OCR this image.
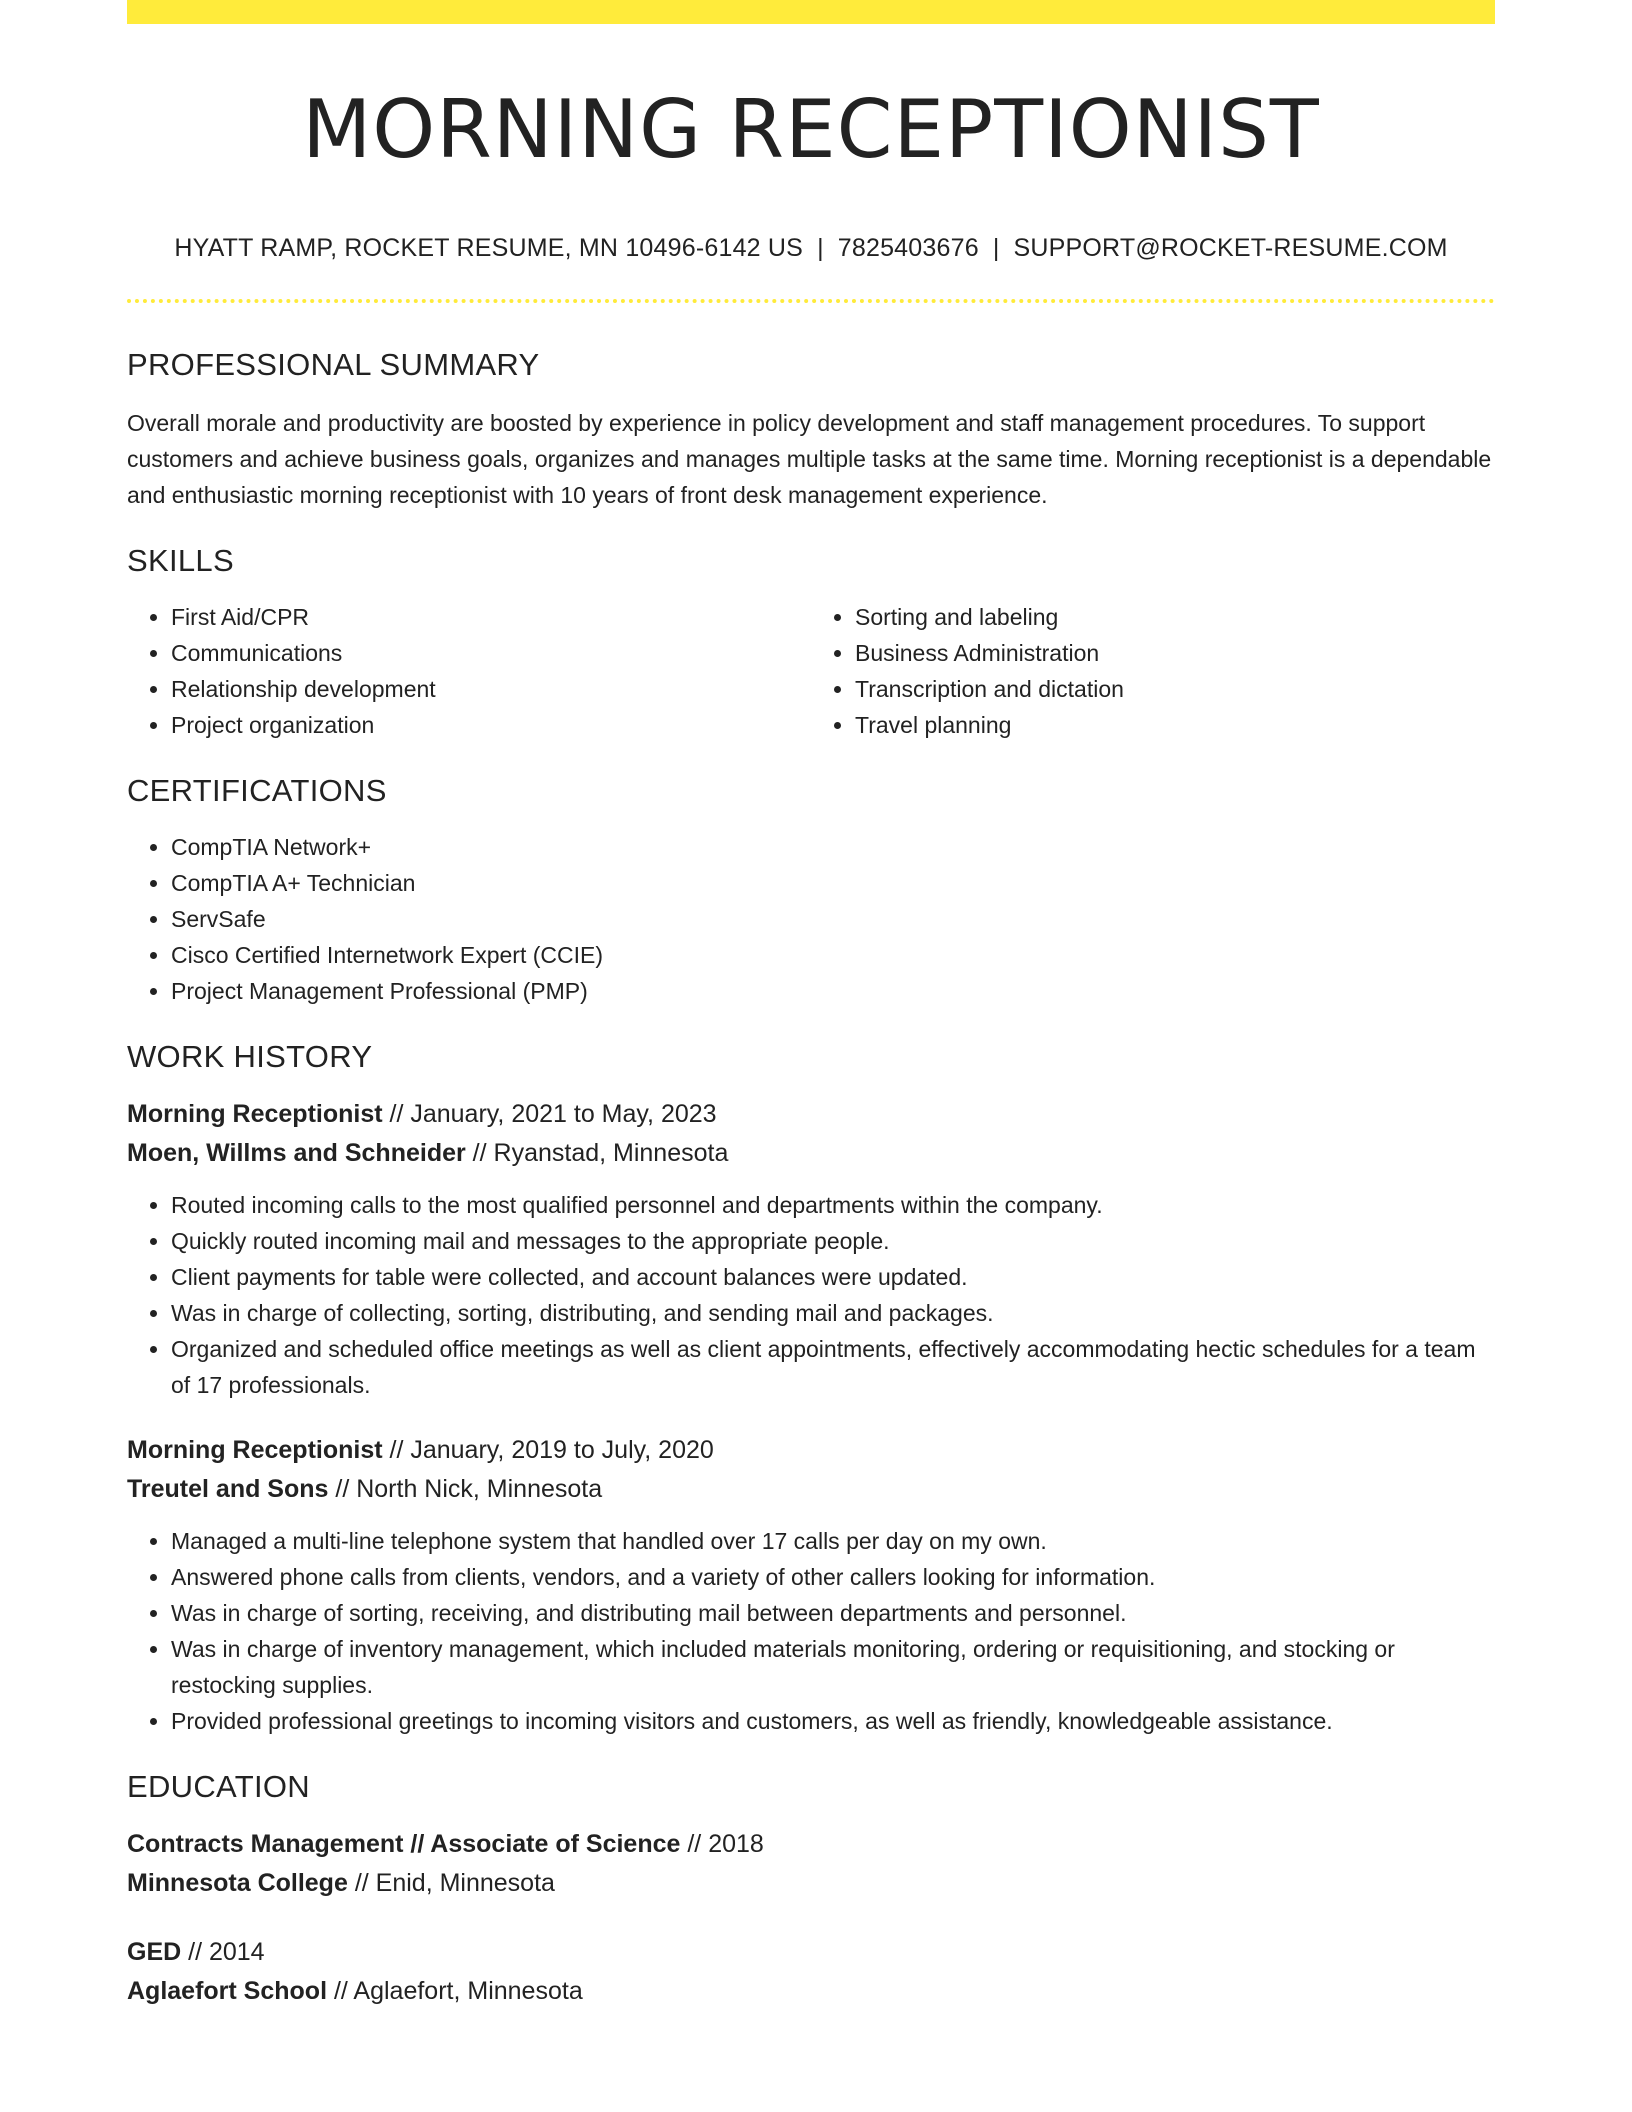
MORNING RECEPTIONIST
HYATT RAMP, ROCKET RESUME, MN 10496-6142 US | 7825403676 | SUPPORT@ROCKET-RESUME.COM
PROFESSIONAL SUMMARY

Overall morale and productivity are boosted by experience in policy development and staff management procedures. To support customers and achieve business goals, organizes and manages multiple tasks at the same time. Morning receptionist is a dependable and enthusiastic morning receptionist with 10 years of front desk management experience.

SKILLS
• First Aid/CPR
• Communications
• Relationship development
• Project organization
• Sorting and labeling
• Business Administration
• Transcription and dictation
• Travel planning
CERTIFICATIONS
• CompTIA Network+
• CompTIA A+ Technician
• ServSafe
• Cisco Certified Internetwork Expert (CCIE)
• Project Management Professional (PMP)
WORK HISTORY
Morning Receptionist // January, 2021 to May, 2023
Moen, Willms and Schneider // Ryanstad, Minnesota
• Routed incoming calls to the most qualified personnel and departments within the company.
• Quickly routed incoming mail and messages to the appropriate people.
• Client payments for table were collected, and account balances were updated.
• Was in charge of collecting, sorting, distributing, and sending mail and packages.
• Organized and scheduled office meetings as well as client appointments, effectively accommodating hectic schedules for a team of 17 professionals.
Morning Receptionist // January, 2019 to July, 2020
Treutel and Sons // North Nick, Minnesota
• Managed a multi-line telephone system that handled over 17 calls per day on my own.
• Answered phone calls from clients, vendors, and a variety of other callers looking for information.
• Was in charge of sorting, receiving, and distributing mail between departments and personnel.
• Was in charge of inventory management, which included materials monitoring, ordering or requisitioning, and stocking or restocking supplies.
• Provided professional greetings to incoming visitors and customers, as well as friendly, knowledgeable assistance.
EDUCATION
Contracts Management // Associate of Science // 2018
Minnesota College // Enid, Minnesota
GED // 2014
Aglaefort School // Aglaefort, Minnesota
